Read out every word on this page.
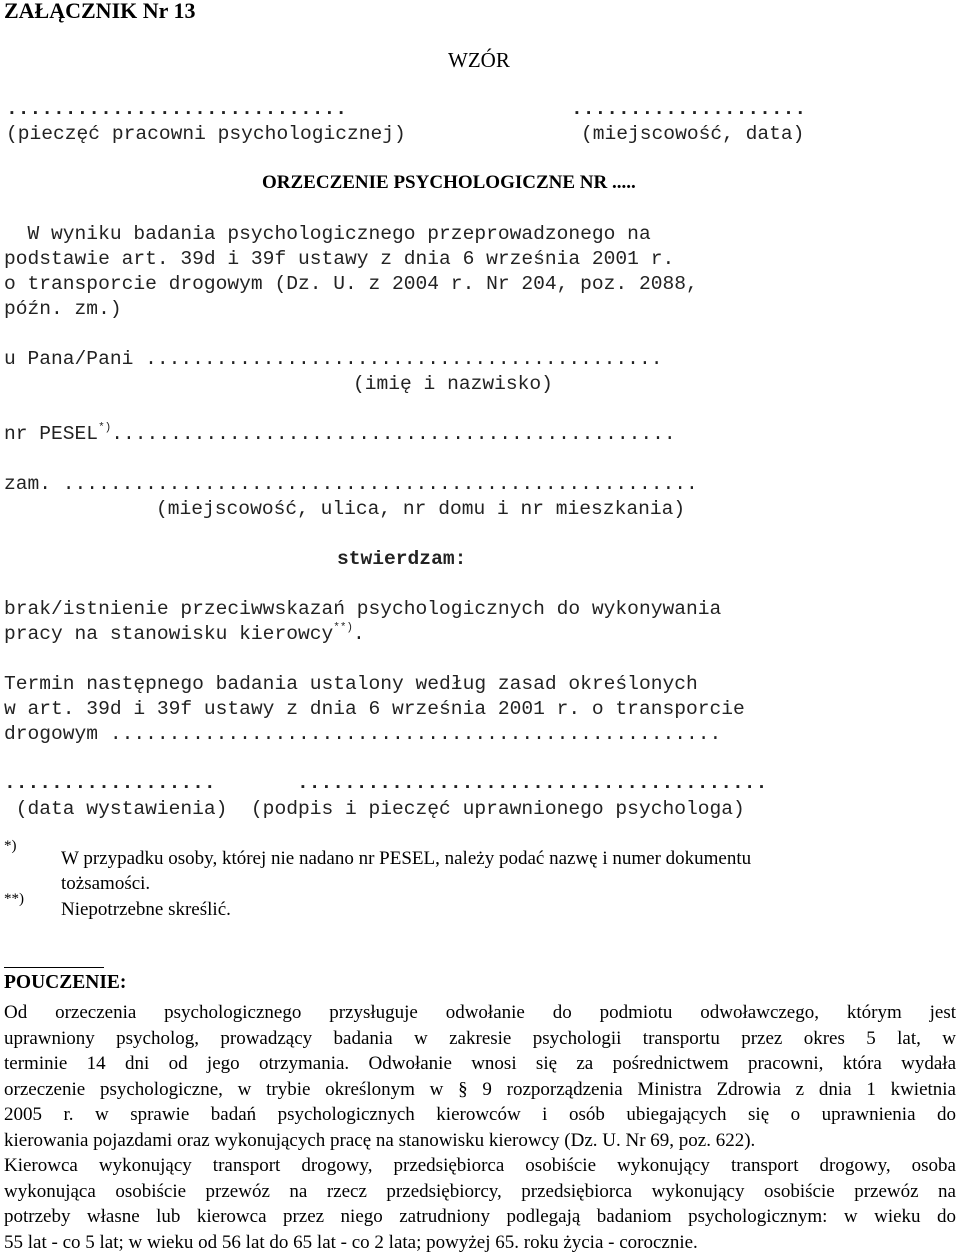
ZAŁĄCZNIK Nr 13
WZÓR
.............................	....................
(pieczęć pracowni psychologicznej)	(miejscowość, data)
ORZECZENIE PSYCHOLOGICZNE NR .....
W wyniku badania psychologicznego przeprowadzonego na
podstawie art. 39d i 39f ustawy z dnia 6 września 2001 r.
o transporcie drogowym (Dz. U. z 2004 r. Nr 204, poz. 2088,
późn. zm.)
u Pana/Pani ............................................
(imię i nazwisko)
nr PESEL*)................................................
zam. ......................................................
(miejscowość, ulica, nr domu i nr mieszkania)
stwierdzam:
brak/istnienie przeciwwskazań psychologicznych do wykonywania
pracy na stanowisku kierowcy**).
Termin następnego badania ustalony według zasad określonych
w art. 39d i 39f ustawy z dnia 6 września 2001 r. o transporcie
drogowym ....................................................
..................	........................................
(data wystawienia)  (podpis i pieczęć uprawnionego psychologa)
*)
W przypadku osoby, której nie nadano nr PESEL, należy podać nazwę i numer dokumentu
tożsamości.
**) Niepotrzebne skreślić.
POUCZENIE:
Od orzeczenia psychologicznego przysługuje odwołanie do podmiotu odwoławczego, którym jest
uprawniony psycholog, prowadzący badania w zakresie psychologii transportu przez okres 5 lat, w
terminie 14 dni od jego otrzymania. Odwołanie wnosi się za pośrednictwem pracowni, która wydała
orzeczenie psychologiczne, w trybie określonym w § 9 rozporządzenia Ministra Zdrowia z dnia 1 kwietnia
2005 r. w sprawie badań psychologicznych kierowców i osób ubiegających się o uprawnienia do
kierowania pojazdami oraz wykonujących pracę na stanowisku kierowcy (Dz. U. Nr 69, poz. 622).
Kierowca wykonujący transport drogowy, przedsiębiorca osobiście wykonujący transport drogowy, osoba
wykonująca osobiście przewóz na rzecz przedsiębiorcy, przedsiębiorca wykonujący osobiście przewóz na
potrzeby własne lub kierowca przez niego zatrudniony podlegają badaniom psychologicznym: w wieku do
55 lat - co 5 lat; w wieku od 56 lat do 65 lat - co 2 lata; powyżej 65. roku życia - corocznie.
